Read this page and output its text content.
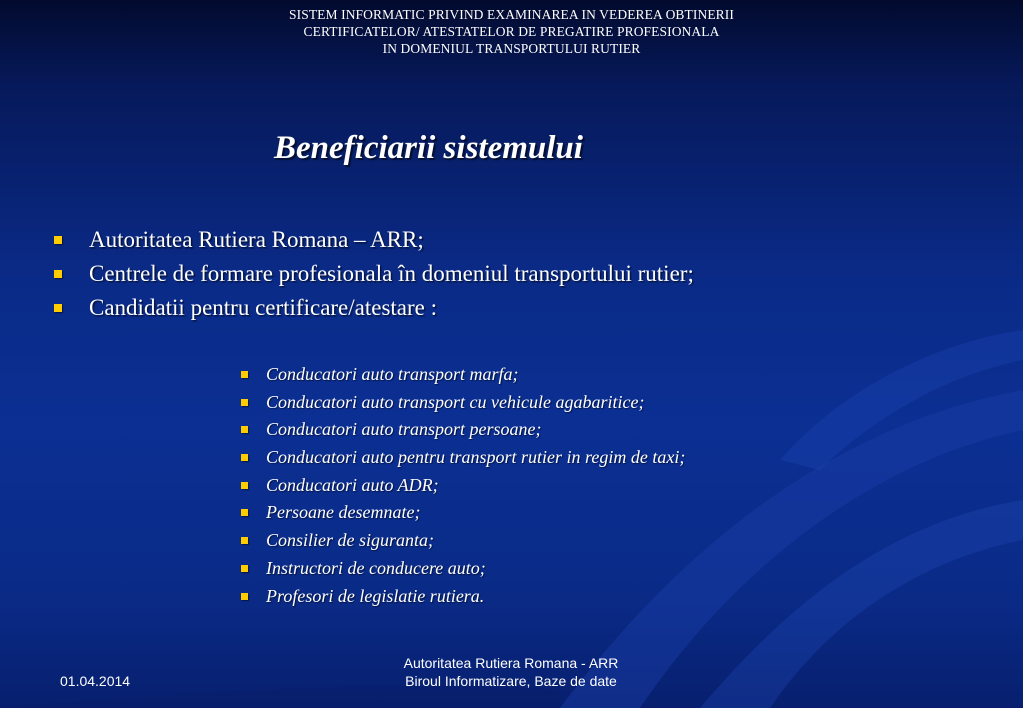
SISTEM INFORMATIC PRIVIND EXAMINAREA IN VEDEREA OBTINERII
CERTIFICATELOR/ ATESTATELOR DE PREGATIRE PROFESIONALA
IN DOMENIUL TRANSPORTULUI RUTIER
Beneficiarii sistemului
Autoritatea Rutiera Romana – ARR;
Centrele de formare profesionala în domeniul transportului rutier;
Candidatii pentru certificare/atestare :
Conducatori auto transport marfa;
Conducatori auto transport cu vehicule agabaritice;
Conducatori auto transport persoane;
Conducatori auto pentru transport rutier in regim de taxi;
Conducatori auto ADR;
Persoane desemnate;
Consilier de siguranta;
Instructori de conducere auto;
Profesori de legislatie rutiera.
01.04.2014
Autoritatea Rutiera Romana - ARR
Biroul Informatizare, Baze de date
